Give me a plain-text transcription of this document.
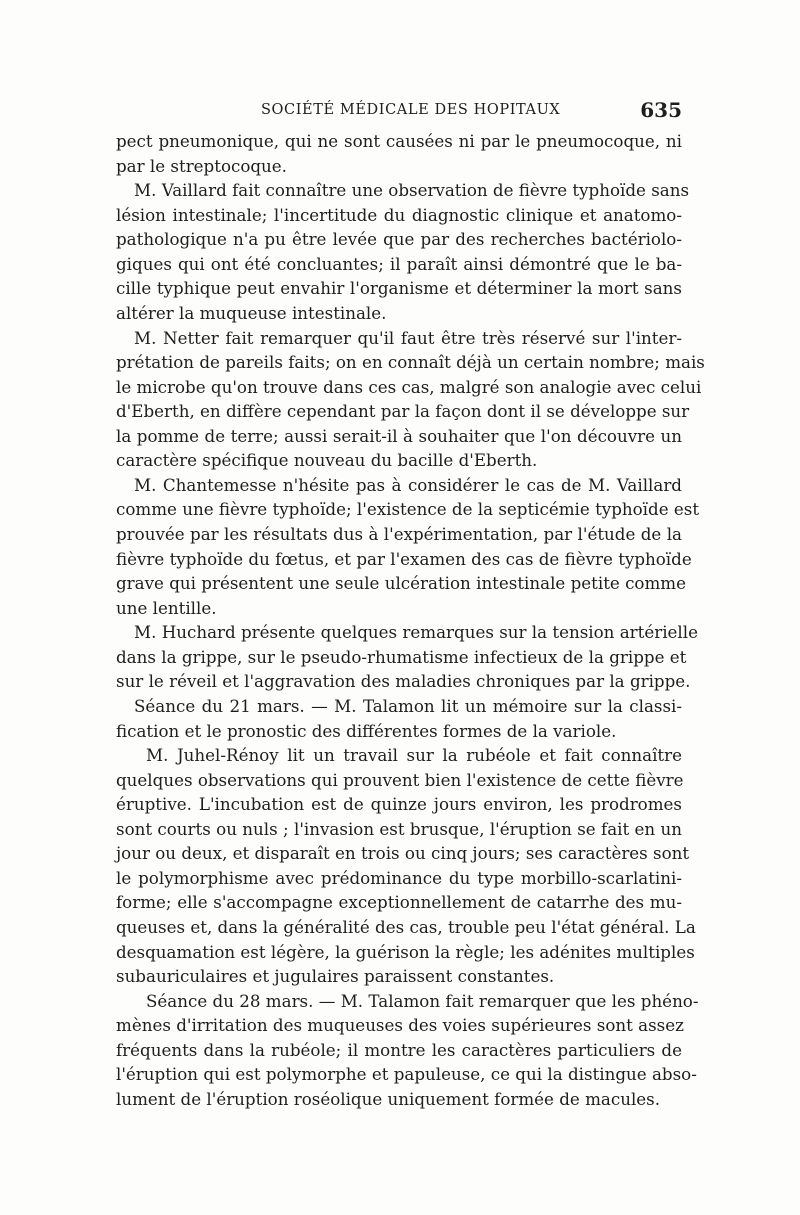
SOCIÉTÉ MÉDICALE DES HOPITAUX	635
pect pneumonique, qui ne sont causées ni par le pneumocoque, ni
par le streptocoque.
M. Vaillard fait connaître une observation de fièvre typhoïde sans
lésion intestinale; l'incertitude du diagnostic clinique et anatomo-
pathologique n'a pu être levée que par des recherches bactériolo-
giques qui ont été concluantes; il paraît ainsi démontré que le ba-
cille typhique peut envahir l'organisme et déterminer la mort sans
altérer la muqueuse intestinale.
M. Netter fait remarquer qu'il faut être très réservé sur l'inter-
prétation de pareils faits; on en connaît déjà un certain nombre; mais
le microbe qu'on trouve dans ces cas, malgré son analogie avec celui
d'Eberth, en diffère cependant par la façon dont il se développe sur
la pomme de terre; aussi serait-il à souhaiter que l'on découvre un
caractère spécifique nouveau du bacille d'Eberth.
M. Chantemesse n'hésite pas à considérer le cas de M. Vaillard
comme une fièvre typhoïde; l'existence de la septicémie typhoïde est
prouvée par les résultats dus à l'expérimentation, par l'étude de la
fièvre typhoïde du fœtus, et par l'examen des cas de fièvre typhoïde
grave qui présentent une seule ulcération intestinale petite comme
une lentille.
M. Huchard présente quelques remarques sur la tension artérielle
dans la grippe, sur le pseudo-rhumatisme infectieux de la grippe et
sur le réveil et l'aggravation des maladies chroniques par la grippe.
Séance du 21 mars. — M. Talamon lit un mémoire sur la classi-
fication et le pronostic des différentes formes de la variole.
M. Juhel-Rénoy lit un travail sur la rubéole et fait connaître
quelques observations qui prouvent bien l'existence de cette fièvre
éruptive. L'incubation est de quinze jours environ, les prodromes
sont courts ou nuls ; l'invasion est brusque, l'éruption se fait en un
jour ou deux, et disparaît en trois ou cinq jours; ses caractères sont
le polymorphisme avec prédominance du type morbillo-scarlatini-
forme; elle s'accompagne exceptionnellement de catarrhe des mu-
queuses et, dans la généralité des cas, trouble peu l'état général. La
desquamation est légère, la guérison la règle; les adénites multiples
subauriculaires et jugulaires paraissent constantes.
Séance du 28 mars. — M. Talamon fait remarquer que les phéno-
mènes d'irritation des muqueuses des voies supérieures sont assez
fréquents dans la rubéole; il montre les caractères particuliers de
l'éruption qui est polymorphe et papuleuse, ce qui la distingue abso-
lument de l'éruption roséolique uniquement formée de macules.
